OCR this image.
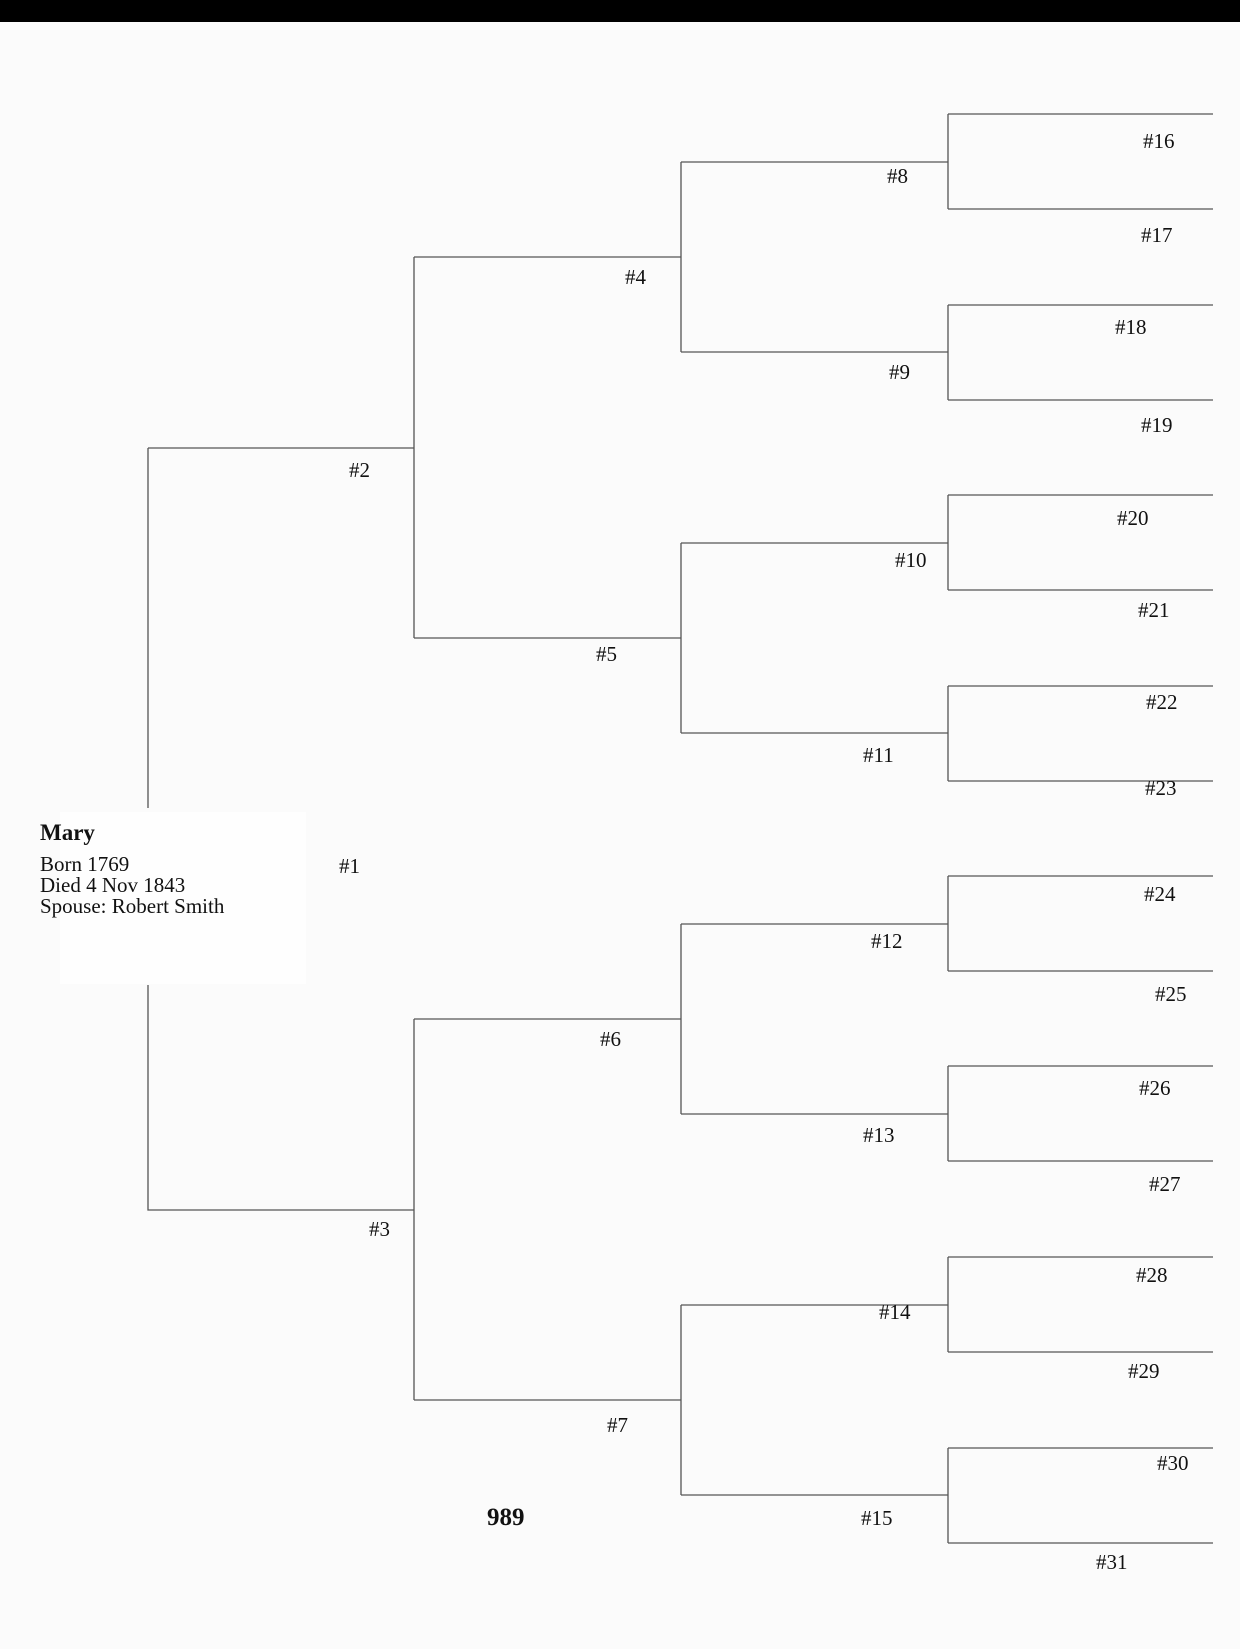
Mary
Born 1769
Died 4 Nov 1843
Spouse: Robert Smith
#1
#2
#3
#4
#5
#6
#7
#8
#9
#10
#11
#12
#13
#14
#15
#16
#17
#18
#19
#20
#21
#22
#23
#24
#25
#26
#27
#28
#29
#30
#31
989
